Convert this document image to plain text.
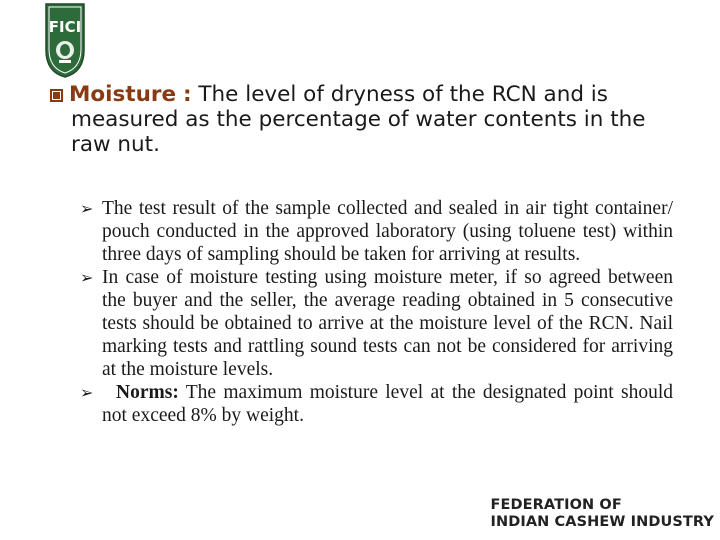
FICI
Moisture : The level of dryness of the RCN and is
measured as the percentage of water contents in the
raw nut.
➢ The test result of the sample collected and sealed in air tight container/ pouch conducted in the approved laboratory (using toluene test) within three days of sampling should be taken for arriving at results.
➢ In case of moisture testing using moisture meter, if so agreed between the buyer and the seller, the average reading obtained in 5 consecutive tests should be obtained to arrive at the moisture level of the RCN. Nail marking tests and rattling sound tests can not be considered for arriving at the moisture levels.
➢ Norms: The maximum moisture level at the designated point should not exceed 8% by weight.
FEDERATION OF
INDIAN CASHEW INDUSTRY
